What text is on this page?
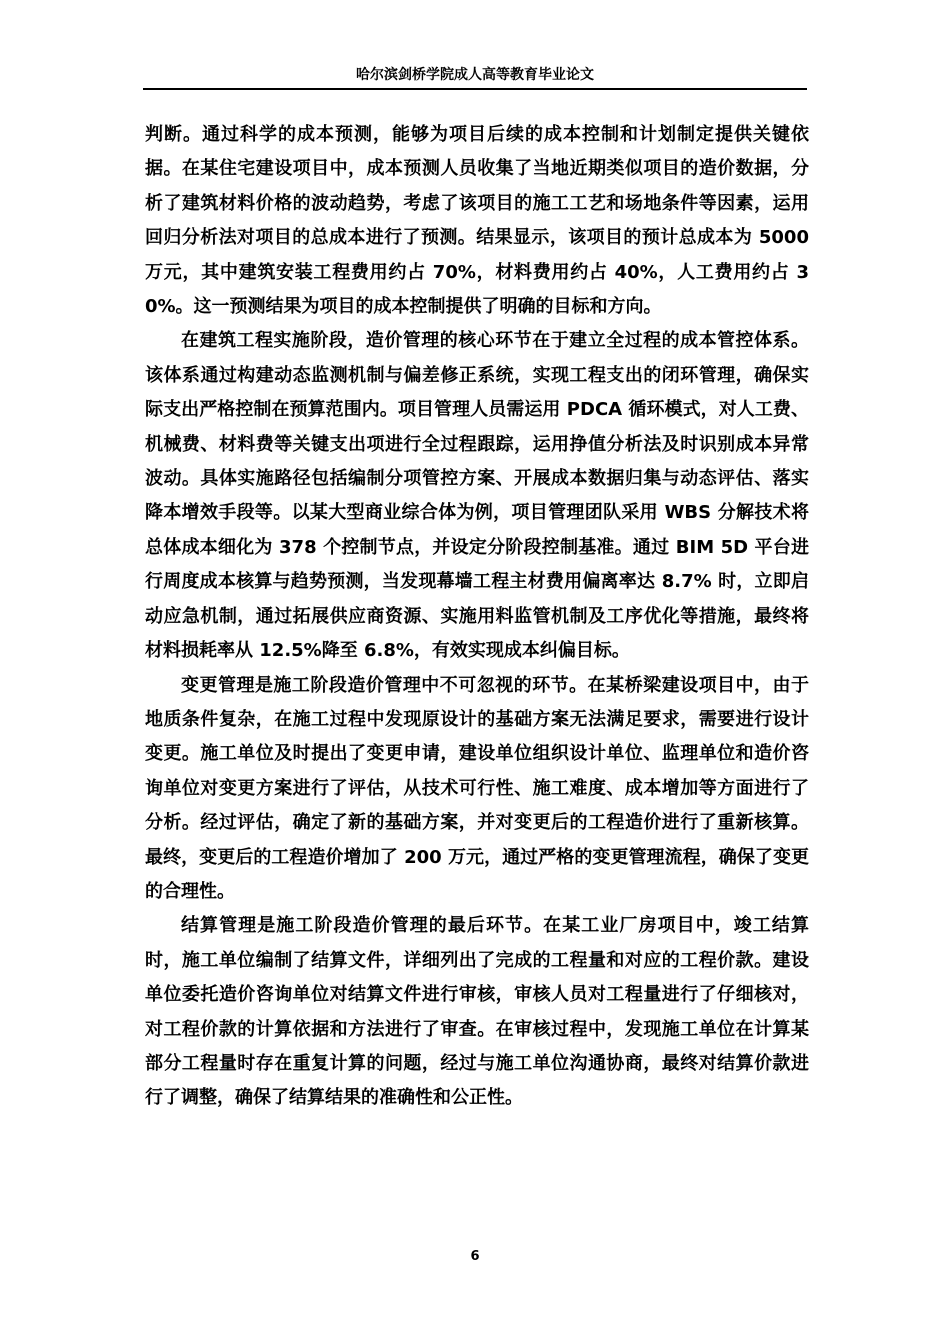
哈尔滨剑桥学院成人高等教育毕业论文

判断。通过科学的成本预测，能够为项目后续的成本控制和计划制定提供关键依据。在某住宅建设项目中，成本预测人员收集了当地近期类似项目的造价数据，分析了建筑材料价格的波动趋势，考虑了该项目的施工工艺和场地条件等因素，运用回归分析法对项目的总成本进行了预测。结果显示，该项目的预计总成本为 5000 万元，其中建筑安装工程费用约占 70%，材料费用约占 40%，人工费用约占 30%。这一预测结果为项目的成本控制提供了明确的目标和方向。

在建筑工程实施阶段，造价管理的核心环节在于建立全过程的成本管控体系。该体系通过构建动态监测机制与偏差修正系统，实现工程支出的闭环管理，确保实际支出严格控制在预算范围内。项目管理人员需运用 PDCA 循环模式，对人工费、机械费、材料费等关键支出项进行全过程跟踪，运用挣值分析法及时识别成本异常波动。具体实施路径包括编制分项管控方案、开展成本数据归集与动态评估、落实降本增效手段等。以某大型商业综合体为例，项目管理团队采用 WBS 分解技术将总体成本细化为 378 个控制节点，并设定分阶段控制基准。通过 BIM 5D 平台进行周度成本核算与趋势预测，当发现幕墙工程主材费用偏离率达 8.7% 时，立即启动应急机制，通过拓展供应商资源、实施用料监管机制及工序优化等措施，最终将材料损耗率从 12.5%降至 6.8%，有效实现成本纠偏目标。

变更管理是施工阶段造价管理中不可忽视的环节。在某桥梁建设项目中，由于地质条件复杂，在施工过程中发现原设计的基础方案无法满足要求，需要进行设计变更。施工单位及时提出了变更申请，建设单位组织设计单位、监理单位和造价咨询单位对变更方案进行了评估，从技术可行性、施工难度、成本增加等方面进行了分析。经过评估，确定了新的基础方案，并对变更后的工程造价进行了重新核算。最终，变更后的工程造价增加了 200 万元，通过严格的变更管理流程，确保了变更的合理性。

结算管理是施工阶段造价管理的最后环节。在某工业厂房项目中，竣工结算时，施工单位编制了结算文件，详细列出了完成的工程量和对应的工程价款。建设单位委托造价咨询单位对结算文件进行审核，审核人员对工程量进行了仔细核对，对工程价款的计算依据和方法进行了审查。在审核过程中，发现施工单位在计算某部分工程量时存在重复计算的问题，经过与施工单位沟通协商，最终对结算价款进行了调整，确保了结算结果的准确性和公正性。

6
